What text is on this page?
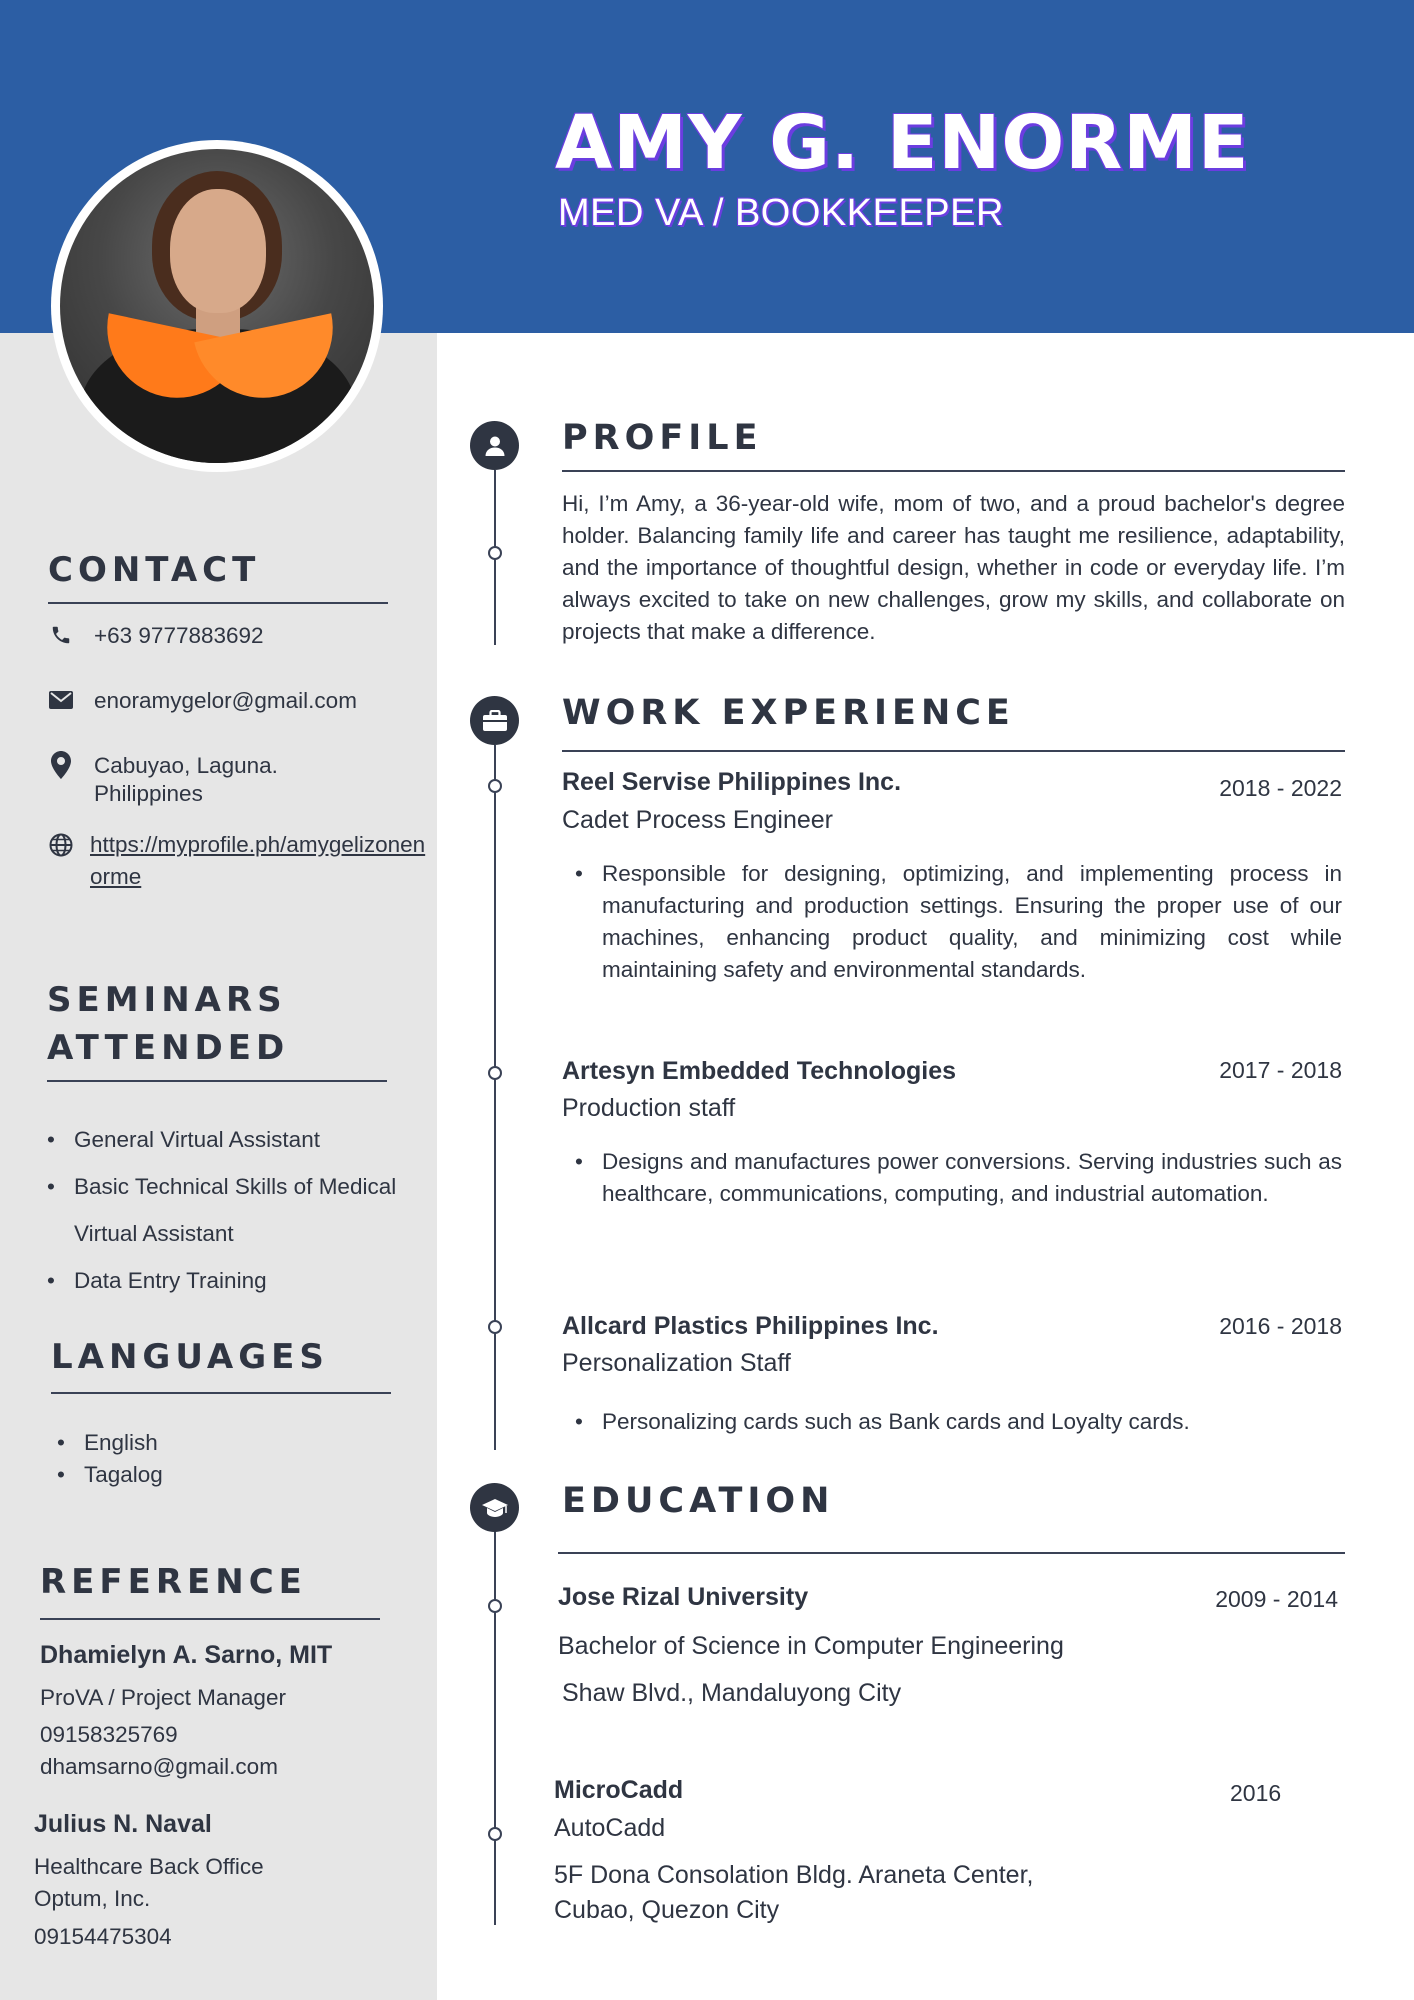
AMY G. ENORME
MED VA / BOOKKEEPER
CONTACT
+63 9777883692
enoramygelor@gmail.com
Cabuyao, Laguna.
Philippines
https://myprofile.ph/amygelizonenorme
SEMINARS
ATTENDED
• General Virtual Assistant
• Basic Technical Skills of Medical
Virtual Assistant
• Data Entry Training
LANGUAGES
• English
• Tagalog
REFERENCE
Dhamielyn A. Sarno, MIT
ProVA / Project Manager
09158325769
dhamsarno@gmail.com
Julius N. Naval
Healthcare Back Office
Optum, Inc.
09154475304
PROFILE
Hi, I’m Amy, a 36-year-old wife, mom of two, and a proud bachelor's degree holder. Balancing family life and career has taught me resilience, adaptability, and the importance of thoughtful design, whether in code or everyday life. I’m always excited to take on new challenges, grow my skills, and collaborate on projects that make a difference.
WORK EXPERIENCE
Reel Servise Philippines Inc.	2018 - 2022
Cadet Process Engineer
• Responsible for designing, optimizing, and implementing process in manufacturing and production settings. Ensuring the proper use of our machines, enhancing product quality, and minimizing cost while maintaining safety and environmental standards.
Artesyn Embedded Technologies	2017 - 2018
Production staff
• Designs and manufactures power conversions. Serving industries such as healthcare, communications, computing, and industrial automation.
Allcard Plastics Philippines Inc.	2016 - 2018
Personalization Staff
• Personalizing cards such as Bank cards and Loyalty cards.
EDUCATION
Jose Rizal University	2009 - 2014
Bachelor of Science in Computer Engineering
Shaw Blvd., Mandaluyong City
MicroCadd	2016
AutoCadd
5F Dona Consolation Bldg. Araneta Center,
Cubao, Quezon City
